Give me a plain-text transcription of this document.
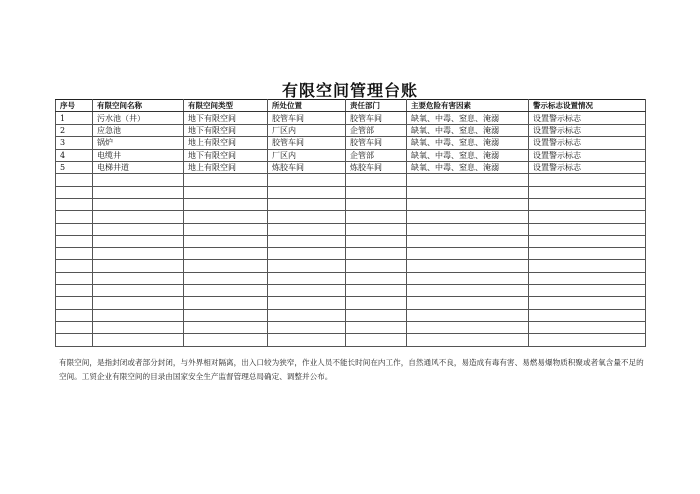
有限空间管理台账
序号	有限空间名称	有限空间类型	所处位置	责任部门	主要危险有害因素	警示标志设置情况
1	污水池（井）	地下有限空间	胶管车间	胶管车间	缺氧、中毒、窒息、淹溺	设置警示标志
2	应急池	地下有限空间	厂区内	企管部	缺氧、中毒、窒息、淹溺	设置警示标志
3	锅炉	地上有限空间	胶管车间	胶管车间	缺氧、中毒、窒息、淹溺	设置警示标志
4	电缆井	地下有限空间	厂区内	企管部	缺氧、中毒、窒息、淹溺	设置警示标志
5	电梯井道	地上有限空间	炼胶车间	炼胶车间	缺氧、中毒、窒息、淹溺	设置警示标志

有限空间，是指封闭或者部分封闭，与外界相对隔离，出入口较为狭窄，作业人员不能长时间在内工作，自然通风不良，易造成有毒有害、易燃易爆物质积聚或者氧含量不足的空间。工贸企业有限空间的目录由国家安全生产监督管理总局确定、调整并公布。
